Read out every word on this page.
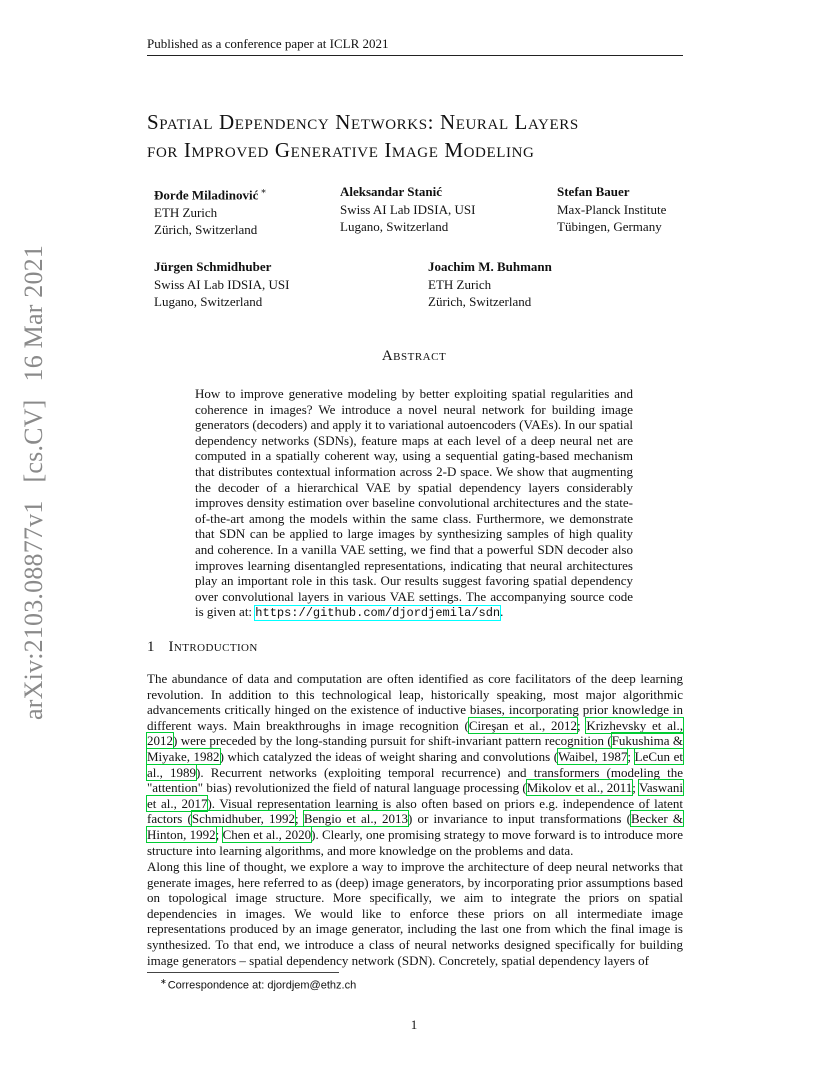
Published as a conference paper at ICLR 2021
Spatial Dependency Networks: Neural Layers
for Improved Generative Image Modeling
Đorđe Miladinović ∗
ETH Zurich
Zürich, Switzerland
Aleksandar Stanić
Swiss AI Lab IDSIA, USI
Lugano, Switzerland
Stefan Bauer
Max-Planck Institute
Tübingen, Germany
Jürgen Schmidhuber
Swiss AI Lab IDSIA, USI
Lugano, Switzerland
Joachim M. Buhmann
ETH Zurich
Zürich, Switzerland
Abstract
How to improve generative modeling by better exploiting spatial regularities and coherence in images? We introduce a novel neural network for building image generators (decoders) and apply it to variational autoencoders (VAEs). In our spatial dependency networks (SDNs), feature maps at each level of a deep neural net are computed in a spatially coherent way, using a sequential gating-based mechanism that distributes contextual information across 2-D space. We show that augmenting the decoder of a hierarchical VAE by spatial dependency layers considerably improves density estimation over baseline convolutional architectures and the state-of-the-art among the models within the same class. Furthermore, we demonstrate that SDN can be applied to large images by synthesizing samples of high quality and coherence. In a vanilla VAE setting, we find that a powerful SDN decoder also improves learning disentangled representations, indicating that neural architectures play an important role in this task. Our results suggest favoring spatial dependency over convolutional layers in various VAE settings. The accompanying source code is given at: https://github.com/djordjemila/sdn.
1 Introduction
The abundance of data and computation are often identified as core facilitators of the deep learning revolution. In addition to this technological leap, historically speaking, most major algorithmic advancements critically hinged on the existence of inductive biases, incorporating prior knowledge in different ways. Main breakthroughs in image recognition (Cireşan et al., 2012; Krizhevsky et al., 2012) were preceded by the long-standing pursuit for shift-invariant pattern recognition (Fukushima & Miyake, 1982) which catalyzed the ideas of weight sharing and convolutions (Waibel, 1987; LeCun et al., 1989). Recurrent networks (exploiting temporal recurrence) and transformers (modeling the "attention" bias) revolutionized the field of natural language processing (Mikolov et al., 2011; Vaswani et al., 2017). Visual representation learning is also often based on priors e.g. independence of latent factors (Schmidhuber, 1992; Bengio et al., 2013) or invariance to input transformations (Becker & Hinton, 1992; Chen et al., 2020). Clearly, one promising strategy to move forward is to introduce more structure into learning algorithms, and more knowledge on the problems and data.
Along this line of thought, we explore a way to improve the architecture of deep neural networks that generate images, here referred to as (deep) image generators, by incorporating prior assumptions based on topological image structure. More specifically, we aim to integrate the priors on spatial dependencies in images. We would like to enforce these priors on all intermediate image representations produced by an image generator, including the last one from which the final image is synthesized. To that end, we introduce a class of neural networks designed specifically for building image generators – spatial dependency network (SDN). Concretely, spatial dependency layers of
∗Correspondence at: djordjem@ethz.ch
1
arXiv:2103.08877v1[cs.CV]16 Mar 2021
